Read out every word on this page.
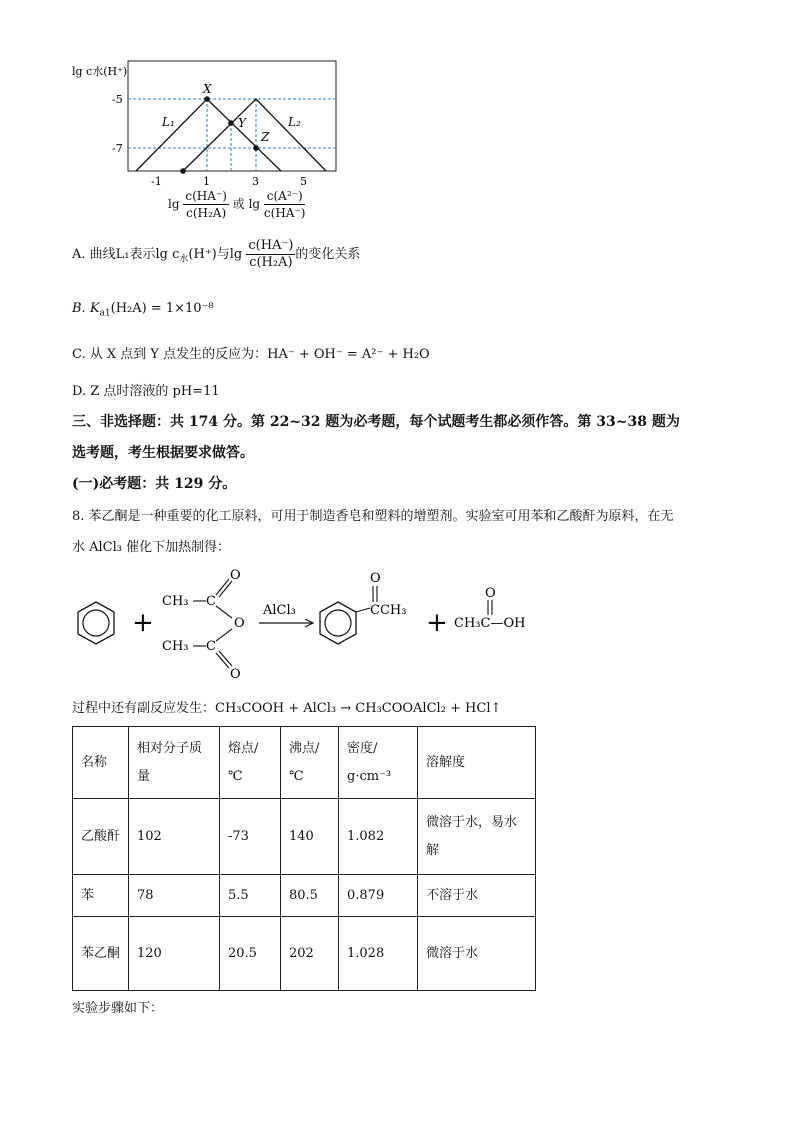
lg c水(H⁺)
-5
-7
X
Y
Z
L₁	L₂
-1	1	3	5
$\lg \frac{c(HA^-)}{\text{c(H₂A)}}$ 或 $\lg \frac{\text{c(A²⁻)}}{c(HA^-)}$
A. 曲线L₁表示$\lg c_水(H^+)$与$\lg \frac{c(HA^-)}{\text{c(H₂A)}}$ 的变化关系
B. $K_{a1}(H_2A) = 1\times 10^{-8}$
C. 从 X 点到 Y 点发生的反应为：HA⁻ + OH⁻ = A²⁻ + H₂O
D. Z 点时溶液的 pH=11
三、非选择题：共 174 分。第 22~32 题为必考题，每个试题考生都必须作答。第 33~38 题为
选考题，考生根据要求做答。
(一)必考题：共 129 分。
8. 苯乙酮是一种重要的化工原料，可用于制造香皂和塑料的增塑剂。实验室可用苯和乙酸酐为原料，在无
水 AlCl₃ 催化下加热制得：
+
CH₃
CH₃
C
C
O
O
O
AlCl₃	CCH₃
O
+ CH₃C—OH
O
过程中还有副反应发生：CH₃COOH + AlCl₃ → CH₃COOAlCl₂ + HCl↑
名称	相对分子质量	熔点/℃	沸点/℃	密度/ g·cm⁻³	溶解度
乙酸酐	102	-73	140	1.082	微溶于水，易水解
苯	78	5.5	80.5	0.879	不溶于水
苯乙酮	120	20.5	202	1.028	微溶于水
实验步骤如下：
